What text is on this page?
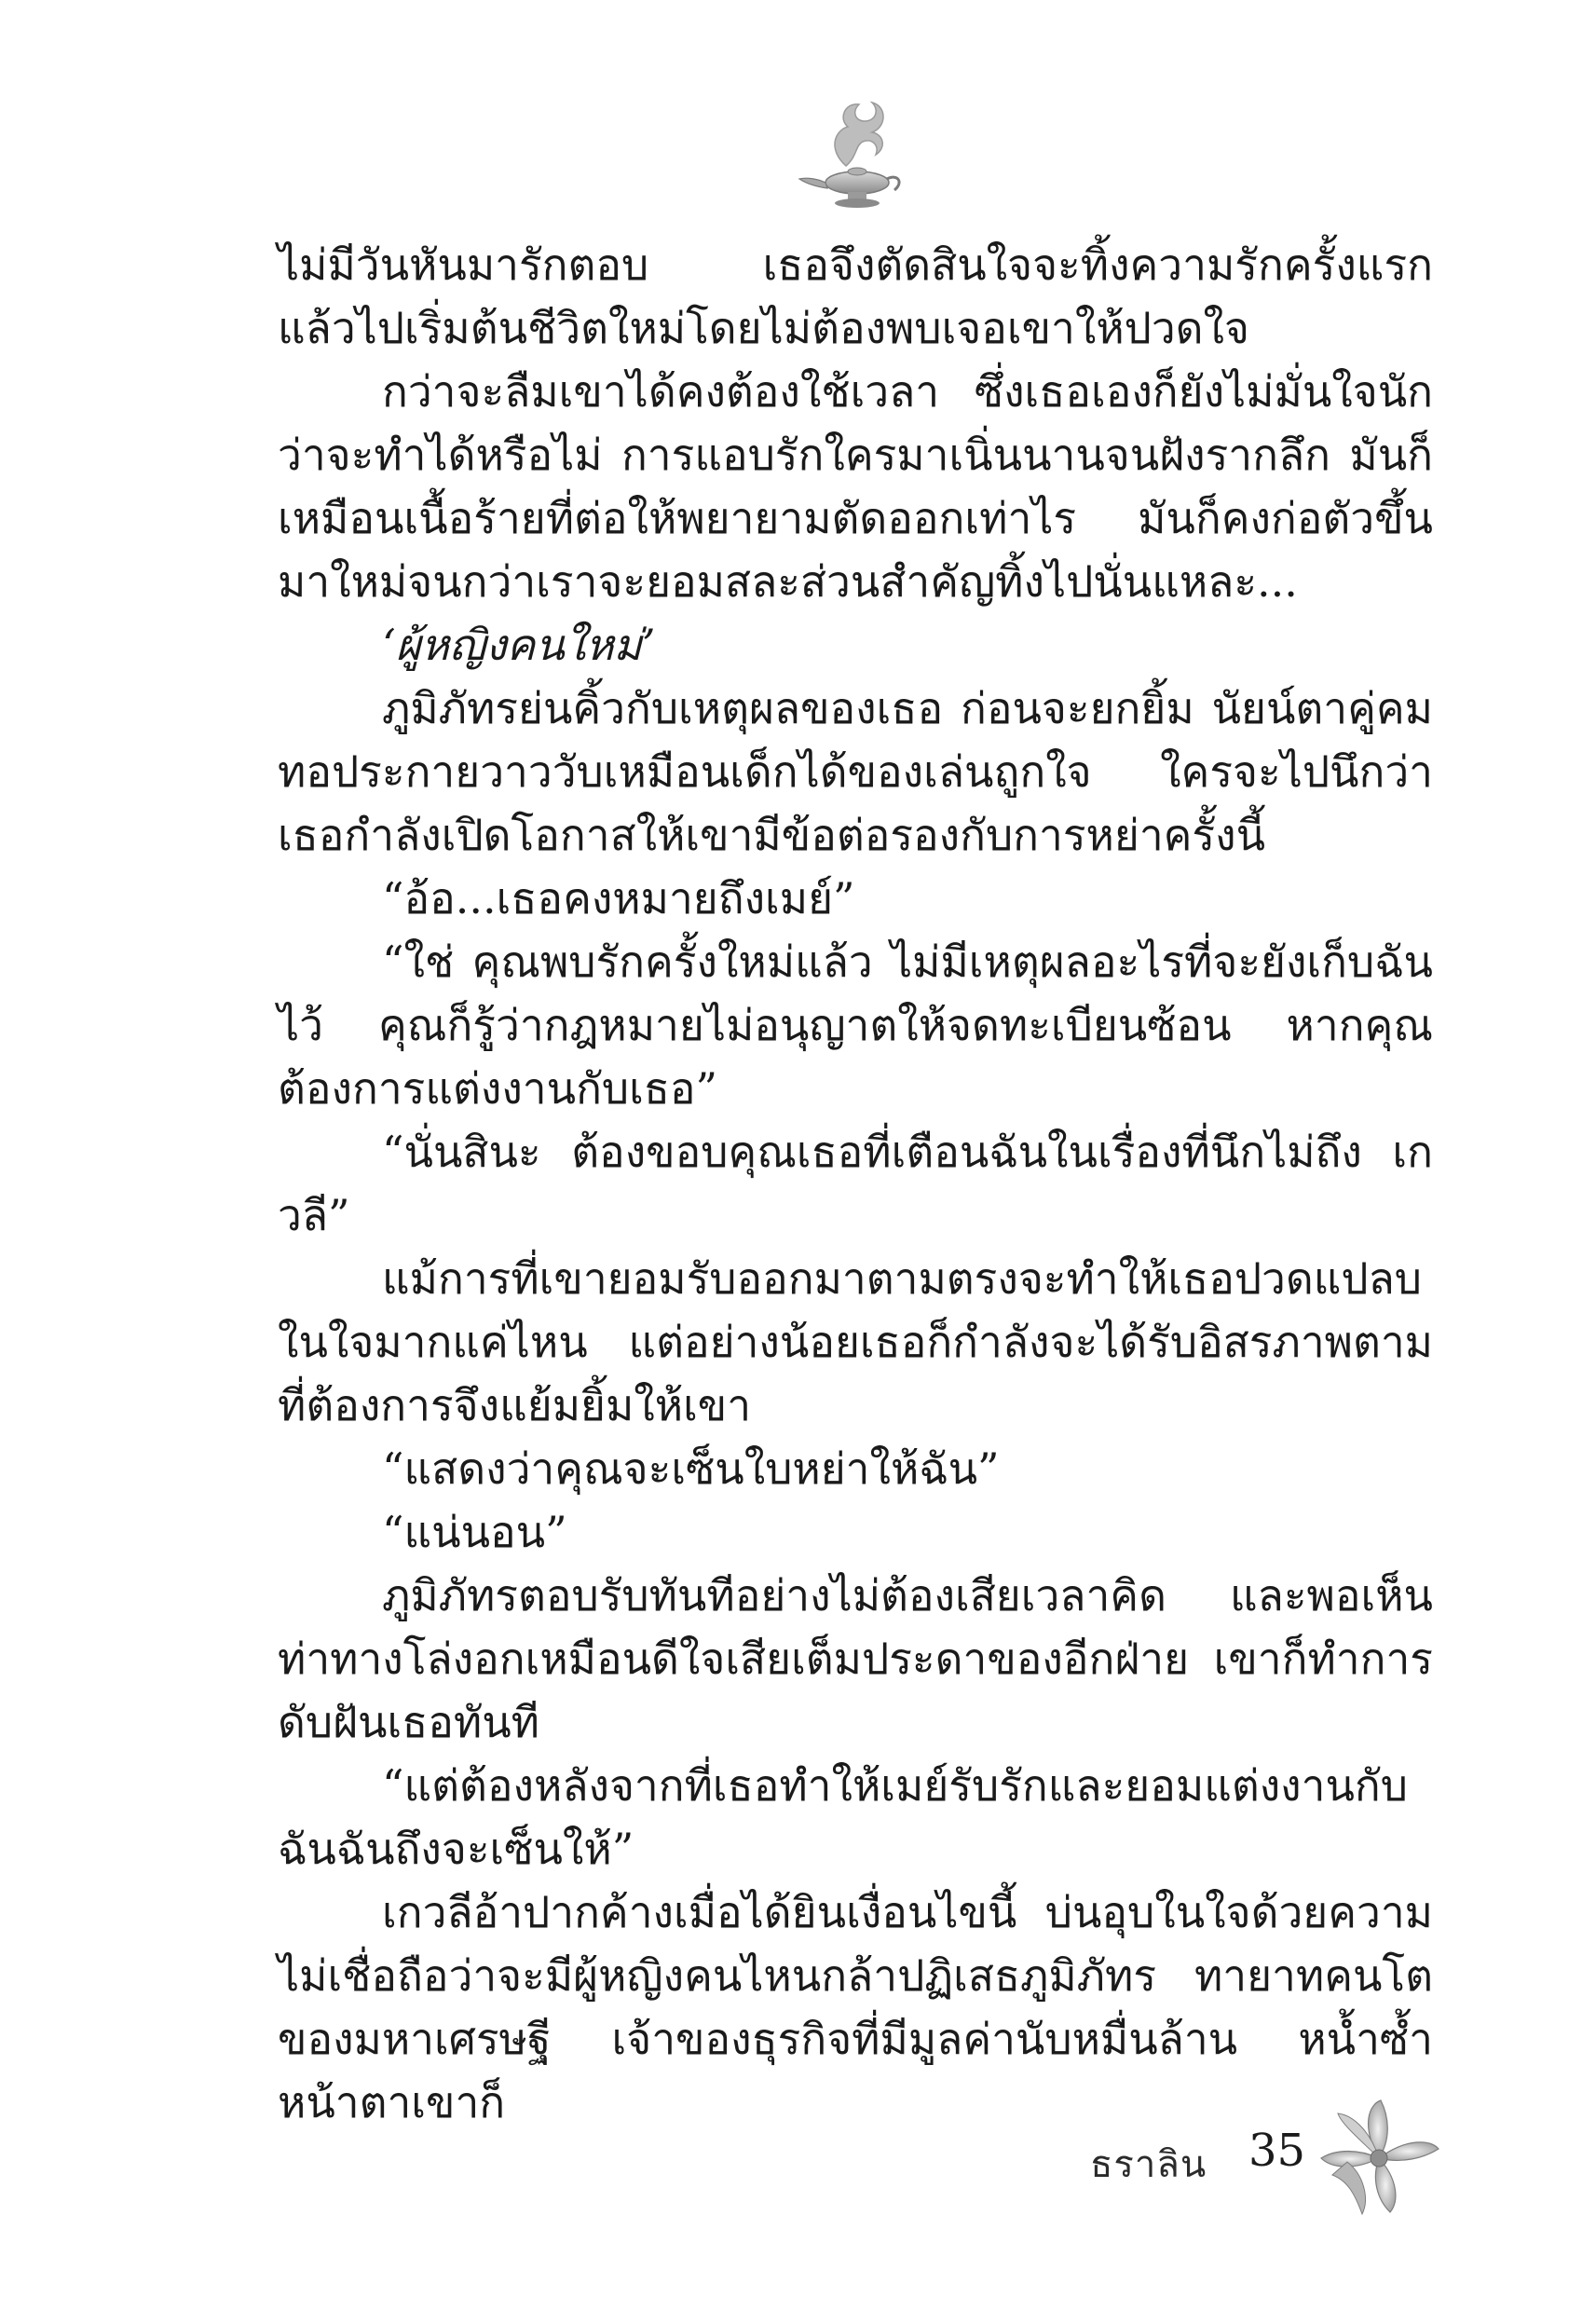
ไม่มีวันหันมารักตอบ เธอจึงตัดสินใจจะทิ้งความรักครั้งแรก แล้วไปเริ่มต้นชีวิตใหม่โดยไม่ต้องพบเจอเขาให้ปวดใจ

กว่าจะลืมเขาได้คงต้องใช้เวลา ซึ่งเธอเองก็ยังไม่มั่นใจนักว่าจะทำได้หรือไม่ การแอบรักใครมาเนิ่นนานจนฝังรากลึก มันก็เหมือนเนื้อร้ายที่ต่อให้พยายามตัดออกเท่าไร มันก็คงก่อตัวขึ้นมาใหม่จนกว่าเราจะยอมสละส่วนสำคัญทิ้งไปนั่นแหละ...

‘ผู้หญิงคนใหม่’

ภูมิภัทรย่นคิ้วกับเหตุผลของเธอ ก่อนจะยกยิ้ม นัยน์ตาคู่คมทอประกายวาววับเหมือนเด็กได้ของเล่นถูกใจ ใครจะไปนึกว่าเธอกำลังเปิดโอกาสให้เขามีข้อต่อรองกับการหย่าครั้งนี้

“อ้อ...เธอคงหมายถึงเมย์”

“ใช่ คุณพบรักครั้งใหม่แล้ว ไม่มีเหตุผลอะไรที่จะยังเก็บฉันไว้ คุณก็รู้ว่ากฎหมายไม่อนุญาตให้จดทะเบียนซ้อน หากคุณต้องการแต่งงานกับเธอ”

“นั่นสินะ ต้องขอบคุณเธอที่เตือนฉันในเรื่องที่นึกไม่ถึง เกวลี”

แม้การที่เขายอมรับออกมาตามตรงจะทำให้เธอปวดแปลบในใจมากแค่ไหน แต่อย่างน้อยเธอก็กำลังจะได้รับอิสรภาพตามที่ต้องการจึงแย้มยิ้มให้เขา

“แสดงว่าคุณจะเซ็นใบหย่าให้ฉัน”

“แน่นอน”

ภูมิภัทรตอบรับทันทีอย่างไม่ต้องเสียเวลาคิด และพอเห็นท่าทางโล่งอกเหมือนดีใจเสียเต็มประดาของอีกฝ่าย เขาก็ทำการดับฝันเธอทันที

“แต่ต้องหลังจากที่เธอทำให้เมย์รับรักและยอมแต่งงานกับฉันฉันถึงจะเซ็นให้”

เกวลีอ้าปากค้างเมื่อได้ยินเงื่อนไขนี้ บ่นอุบในใจด้วยความไม่เชื่อถือว่าจะมีผู้หญิงคนไหนกล้าปฏิเสธภูมิภัทร ทายาทคนโตของมหาเศรษฐี เจ้าของธุรกิจที่มีมูลค่านับหมื่นล้าน หน้ำซ้ำหน้าตาเขาก็

ธราลิน 35
